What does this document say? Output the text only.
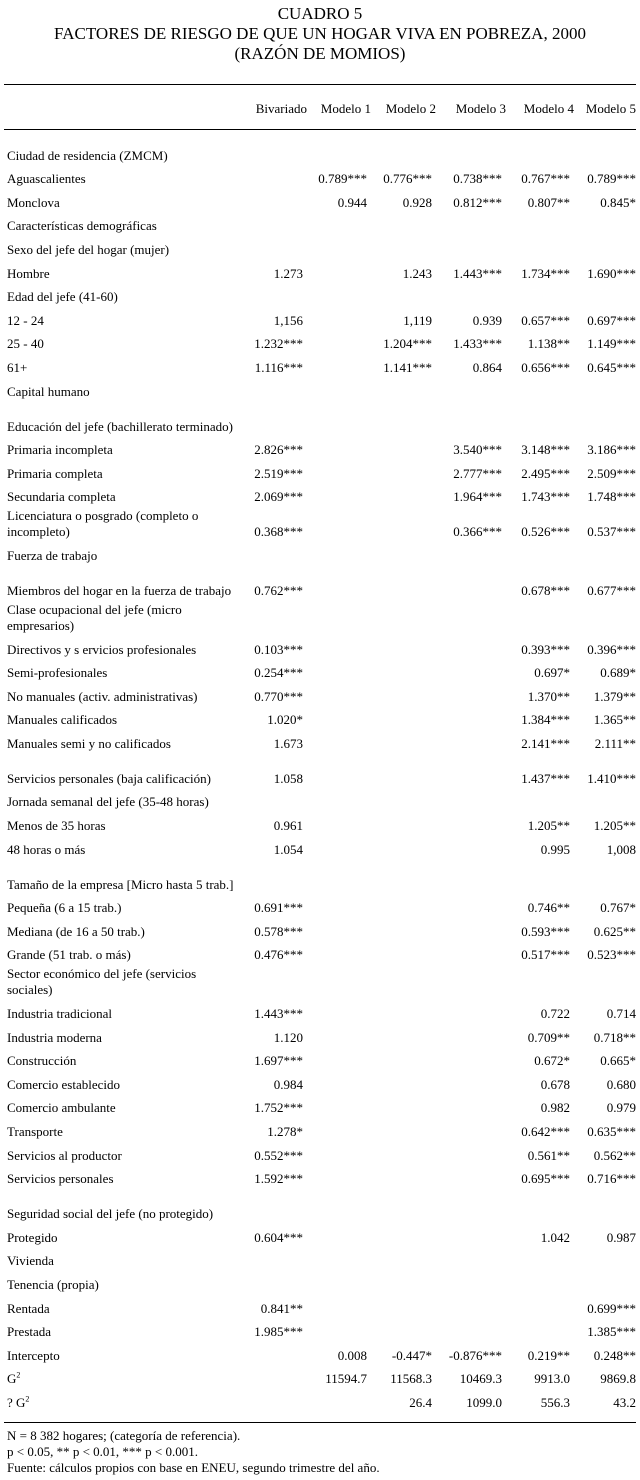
CUADRO 5
FACTORES DE RIESGO DE QUE UN HOGAR VIVA EN POBREZA, 2000
(RAZÓN DE MOMIOS)
Bivariado Modelo 1 Modelo 2 Modelo 3 Modelo 4 Modelo 5
Ciudad de residencia (ZMCM)						
Aguascalientes		0.789***	0.776***	0.738***	0.767***	0.789***
Monclova		0.944	0.928	0.812***	0.807**	0.845*
Características demográficas						
Sexo del jefe del hogar (mujer)						
Hombre	1.273		1.243	1.443***	1.734***	1.690***
Edad del jefe (41-60)						
12 - 24	1,156		1,119	0.939	0.657***	0.697***
25 - 40	1.232***		1.204***	1.433***	1.138**	1.149***
61+	1.116***		1.141***	0.864	0.656***	0.645***
Capital humano						
Educación del jefe (bachillerato terminado)						
Primaria incompleta	2.826***			3.540***	3.148***	3.186***
Primaria completa	2.519***			2.777***	2.495***	2.509***
Secundaria completa	2.069***			1.964***	1.743***	1.748***
Licenciatura o posgrado (completo o incompleto)	0.368***			0.366***	0.526***	0.537***
Fuerza de trabajo						
Miembros del hogar en la fuerza de trabajo	0.762***				0.678***	0.677***
Clase ocupacional del jefe (micro empresarios)						
Directivos y s ervicios profesionales	0.103***				0.393***	0.396***
Semi-profesionales	0.254***				0.697*	0.689*
No manuales (activ. administrativas)	0.770***				1.370**	1.379**
Manuales calificados	1.020*				1.384***	1.365**
Manuales semi y no calificados	1.673				2.141***	2.111**
Servicios personales (baja calificación)	1.058				1.437***	1.410***
Jornada semanal del jefe (35-48 horas)						
Menos de 35 horas	0.961				1.205**	1.205**
48 horas o más	1.054				0.995	1,008
Tamaño de la empresa [Micro hasta 5 trab.]						
Pequeña (6 a 15 trab.)	0.691***				0.746**	0.767*
Mediana (de 16 a 50 trab.)	0.578***				0.593***	0.625**
Grande (51 trab. o más)	0.476***				0.517***	0.523***
Sector económico del jefe (servicios sociales)						
Industria tradicional	1.443***				0.722	0.714
Industria moderna	1.120				0.709**	0.718**
Construcción	1.697***				0.672*	0.665*
Comercio establecido	0.984				0.678	0.680
Comercio ambulante	1.752***				0.982	0.979
Transporte	1.278*				0.642***	0.635***
Servicios al productor	0.552***				0.561**	0.562**
Servicios personales	1.592***				0.695***	0.716***
Seguridad social del jefe (no protegido)						
Protegido	0.604***				1.042	0.987
Vivienda						
Tenencia (propia)						
Rentada	0.841**					0.699***
Prestada	1.985***					1.385***
Intercepto		0.008	-0.447*	-0.876***	0.219**	0.248**
$G^2$		11594.7	11568.3	10469.3	9913.0	9869.8
? $G^2$			26.4	1099.0	556.3	43.2
N = 8 382 hogares; (categoría de referencia).
p < 0.05, ** p < 0.01, *** p < 0.001.
Fuente: cálculos propios con base en ENEU, segundo trimestre del año.
